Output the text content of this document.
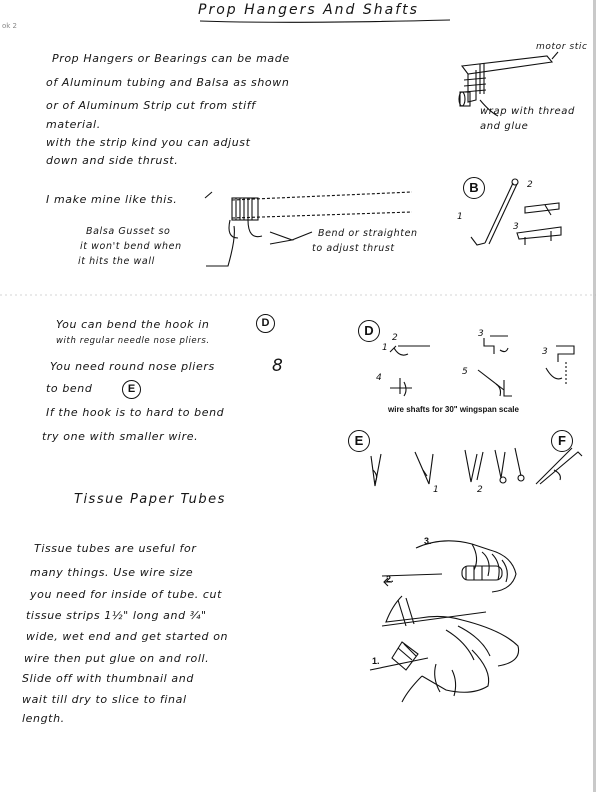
ok 2
Prop Hangers And Shafts
Prop Hangers or Bearings can be made
of Aluminum tubing and Balsa as shown
or of Aluminum Strip cut from stiff
material.
with the strip kind you can adjust
down and side thrust.
motor stic
wrap with thread
and glue
I make mine like this.
Balsa Gusset so
it won't bend when
it hits the wall
Bend or straighten
to adjust thrust
B
1
2
3
You can bend the hook in	D
with regular needle nose pliers.
You need round nose pliers	8
to bend	E
If the hook is to hard to bend
try one with smaller wire.
D
1
2	3
3
4
5
wire shafts for 30" wingspan scale
E
1	2
F
Tissue Paper Tubes
Tissue tubes are useful for
many things. Use wire size
you need for inside of tube. cut
tissue strips 1½" long and ¾"
wide, wet end and get started on
wire then put glue on and roll.
Slide off with thumbnail and
wait till dry to slice to final
length.
3.
2.
1.
